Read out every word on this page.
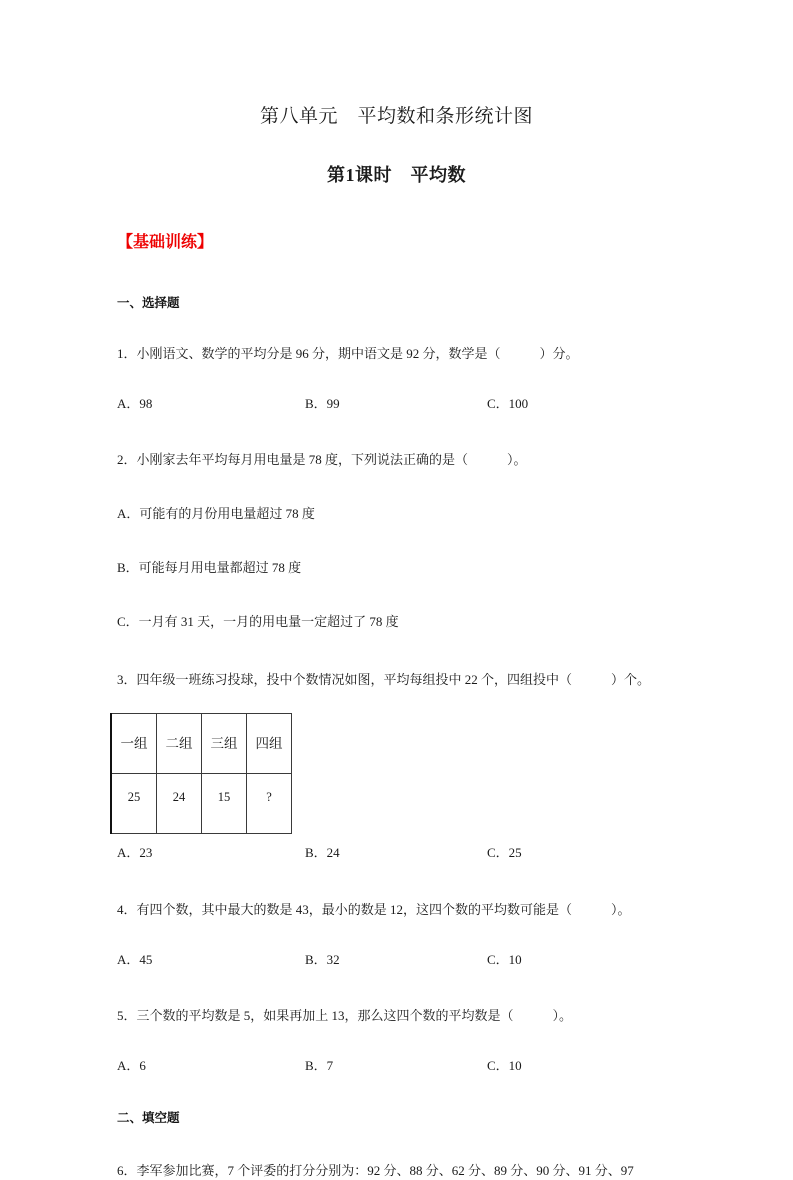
第八单元　平均数和条形统计图
第1课时　平均数
【基础训练】
一、选择题
1．小刚语文、数学的平均分是 96 分，期中语文是 92 分，数学是（　　　）分。
A．98	B．99	C．100
2．小刚家去年平均每月用电量是 78 度，下列说法正确的是（　　　）。
A．可能有的月份用电量超过 78 度
B．可能每月用电量都超过 78 度
C．一月有 31 天，一月的用电量一定超过了 78 度
3．四年级一班练习投球，投中个数情况如图，平均每组投中 22 个，四组投中（　　　）个。
一组	二组	三组	四组

25	24	15	?
A．23	B．24	C．25
4．有四个数，其中最大的数是 43，最小的数是 12，这四个数的平均数可能是（　　　）。
A．45	B．32	C．10
5．三个数的平均数是 5，如果再加上 13，那么这四个数的平均数是（　　　）。
A．6	B．7	C．10
二、填空题
6．李军参加比赛，7 个评委的打分分别为：92 分、88 分、62 分、89 分、90 分、91 分、97
